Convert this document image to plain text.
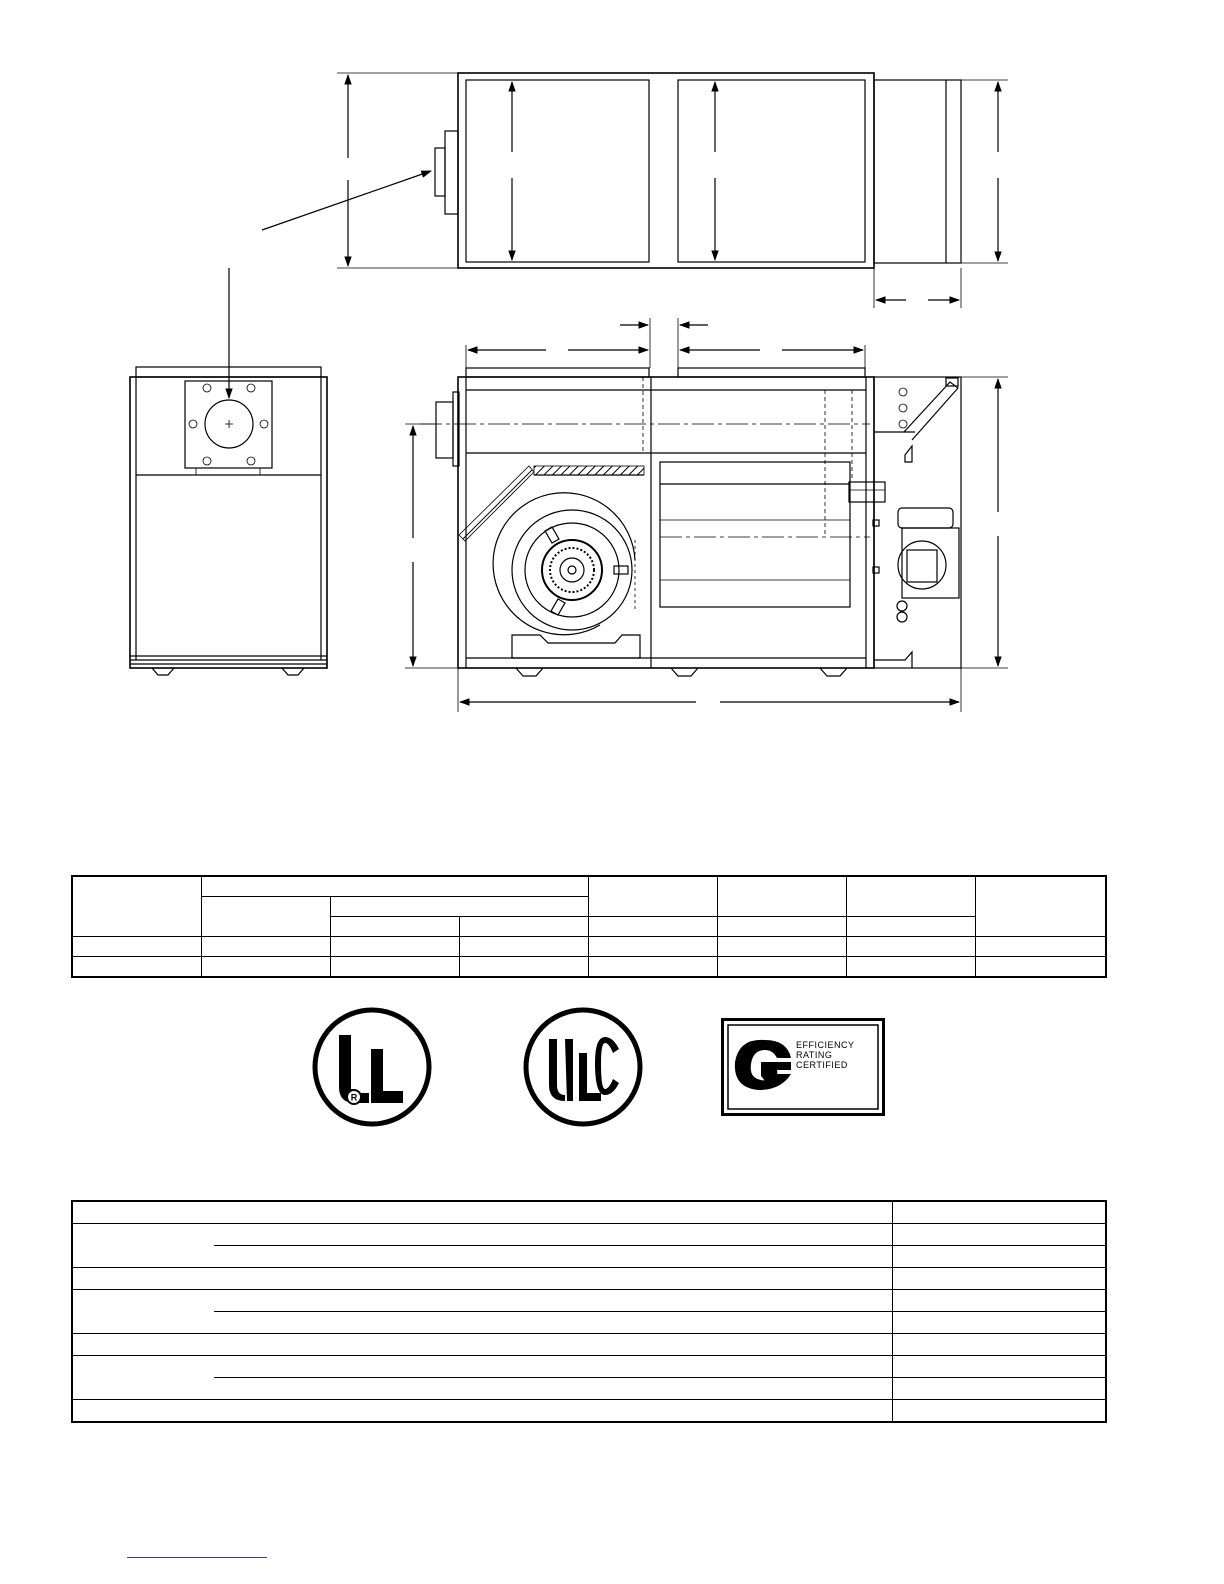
R
UL	ULC
EFFICIENCY
RATING
CERTIFIED
